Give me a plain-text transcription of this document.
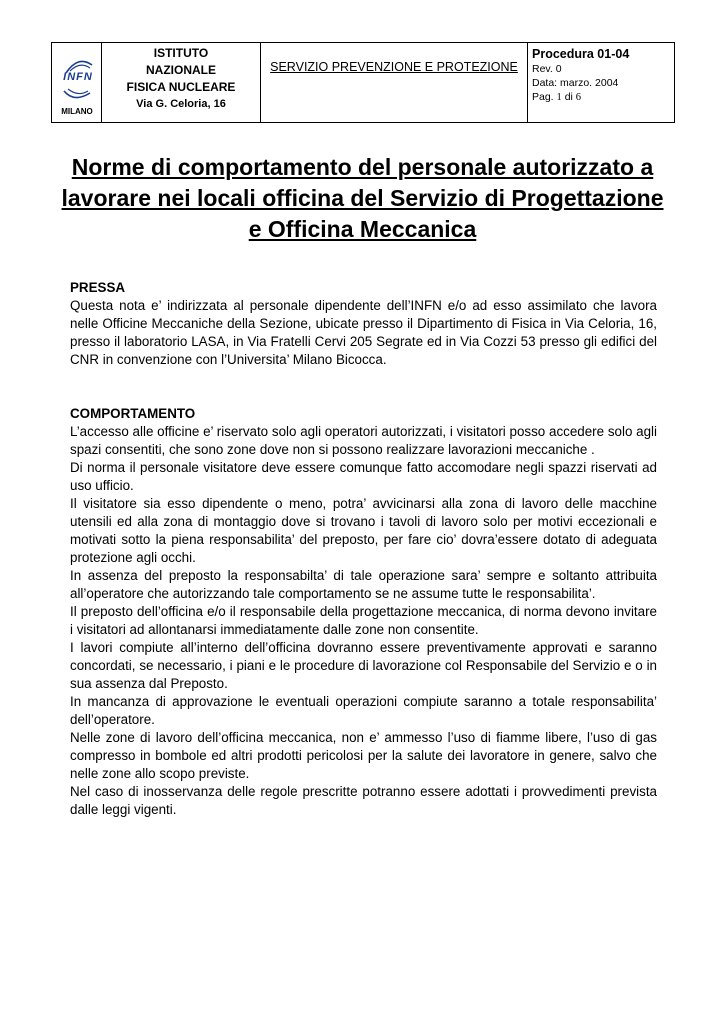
INFN
MILANO
ISTITUTO
NAZIONALE
FISICA NUCLEARE
Via G. Celoria, 16
SERVIZIO PREVENZIONE E PROTEZIONE
Procedura 01-04
Rev. 0
Data: marzo. 2004
Pag. 1 di 6
Norme di comportamento del personale autorizzato a lavorare nei locali officina del Servizio di Progettazione e Officina Meccanica
PRESSA

Questa nota e’ indirizzata al personale dipendente dell’INFN e/o ad esso assimilato che lavora nelle Officine Meccaniche della Sezione, ubicate presso il Dipartimento di Fisica in Via Celoria, 16, presso il laboratorio LASA, in Via Fratelli Cervi 205 Segrate ed in Via Cozzi 53 presso gli edifici del CNR in convenzione con l’Universita’ Milano Bicocca.

COMPORTAMENTO

L’accesso alle officine e’ riservato solo agli operatori autorizzati, i visitatori posso accedere solo agli spazi consentiti, che sono zone dove non si possono realizzare lavorazioni meccaniche .

Di norma il personale visitatore deve essere comunque fatto accomodare negli spazzi riservati ad uso ufficio.

Il visitatore sia esso dipendente o meno, potra’ avvicinarsi alla zona di lavoro delle macchine utensili ed alla zona di montaggio dove si trovano i tavoli di lavoro solo per motivi eccezionali e motivati sotto la piena responsabilita’ del preposto, per fare cio’ dovra’essere dotato di adeguata protezione agli occhi.

In assenza del preposto la responsabilta’ di tale operazione sara’ sempre e soltanto attribuita all’operatore che autorizzando tale comportamento se ne assume tutte le responsabilita’.

Il preposto dell’officina e/o il responsabile della progettazione meccanica, di norma devono invitare i visitatori ad allontanarsi immediatamente dalle zone non consentite.

I lavori compiute all’interno dell’officina dovranno essere preventivamente approvati e saranno concordati, se necessario, i piani e le procedure di lavorazione col Responsabile del Servizio e o in sua assenza dal Preposto.

In mancanza di approvazione le eventuali operazioni compiute saranno a totale responsabilita’ dell’operatore.

Nelle zone di lavoro dell’officina meccanica, non e’ ammesso l’uso di fiamme libere, l’uso di gas compresso in bombole ed altri prodotti pericolosi per la salute dei lavoratore in genere, salvo che nelle zone allo scopo previste.

Nel caso di inosservanza delle regole prescritte potranno essere adottati i provvedimenti prevista dalle leggi vigenti.
